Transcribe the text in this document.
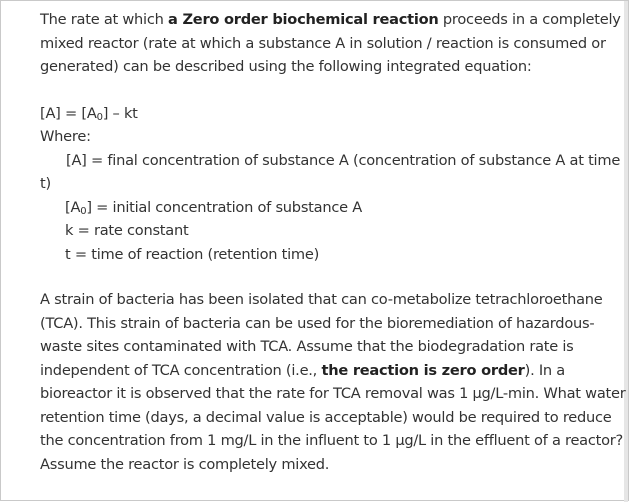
The rate at which a Zero order biochemical reaction proceeds in a completely mixed reactor (rate at which a substance A in solution / reaction is consumed or generated) can be described using the following integrated equation:

$[A] = [A_0]$ – kt

Where:

[A] = final concentration of substance A (concentration of substance A at time t)

$[A_0]$ = initial concentration of substance A

k = rate constant

t = time of reaction (retention time)

A strain of bacteria has been isolated that can co-metabolize tetrachloroethane (TCA). This strain of bacteria can be used for the bioremediation of hazardous-waste sites contaminated with TCA. Assume that the biodegradation rate is independent of TCA concentration (i.e., the reaction is zero order). In a bioreactor it is observed that the rate for TCA removal was 1 µg/L-min. What water retention time (days, a decimal value is acceptable) would be required to reduce the concentration from 1 mg/L in the influent to 1 µg/L in the effluent of a reactor? Assume the reactor is completely mixed.
